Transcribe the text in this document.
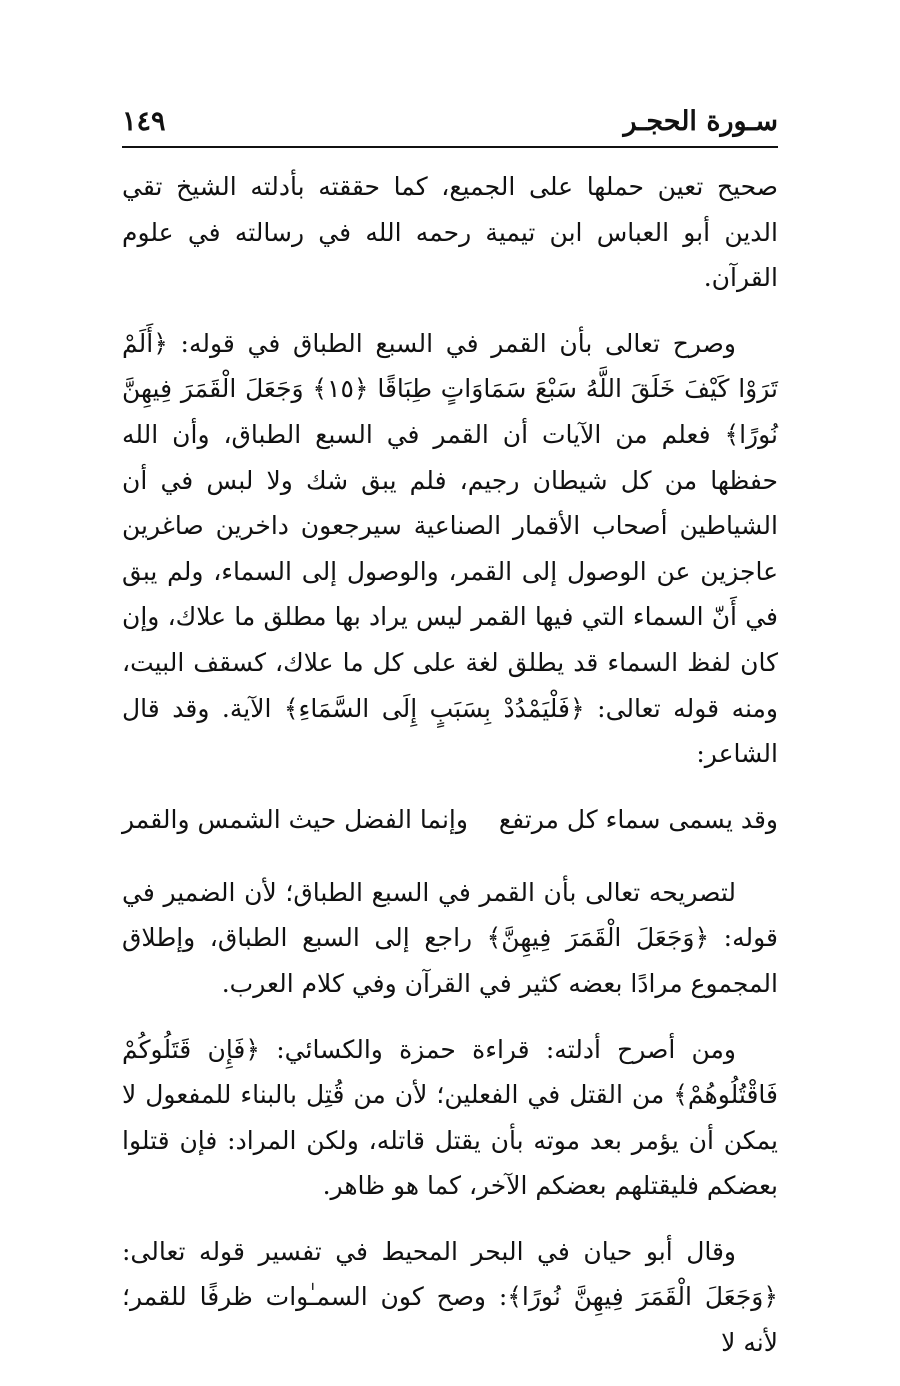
١٤٩	سـورة الحجـر

صحيح تعين حملها على الجميع، كما حققته بأدلته الشيخ تقي الدين أبو العباس ابن تيمية رحمه الله في رسالته في علوم القرآن.

وصرح تعالى بأن القمر في السبع الطباق في قوله: ﴿أَلَمْ تَرَوْا كَيْفَ خَلَقَ اللَّهُ سَبْعَ سَمَاوَاتٍ طِبَاقًا ﴿١٥﴾ وَجَعَلَ الْقَمَرَ فِيهِنَّ نُورًا﴾ فعلم من الآيات أن القمر في السبع الطباق، وأن الله حفظها من كل شيطان رجيم، فلم يبق شك ولا لبس في أن الشياطين أصحاب الأقمار الصناعية سيرجعون داخرين صاغرين عاجزين عن الوصول إلى القمر، والوصول إلى السماء، ولم يبق في أَنّ السماء التي فيها القمر ليس يراد بها مطلق ما علاك، وإن كان لفظ السماء قد يطلق لغة على كل ما علاك، كسقف البيت، ومنه قوله تعالى: ﴿فَلْيَمْدُدْ بِسَبَبٍ إِلَى السَّمَاءِ﴾ الآية. وقد قال الشاعر:

وقد يسمى سماء كل مرتفع
وإنما الفضل حيث الشمس والقمر

لتصريحه تعالى بأن القمر في السبع الطباق؛ لأن الضمير في قوله: ﴿وَجَعَلَ الْقَمَرَ فِيهِنَّ﴾ راجع إلى السبع الطباق، وإطلاق المجموع مرادًا بعضه كثير في القرآن وفي كلام العرب.

ومن أصرح أدلته: قراءة حمزة والكسائي: ﴿فَإِن قَتَلُوكُمْ فَاقْتُلُوهُمْ﴾ من القتل في الفعلين؛ لأن من قُتِل بالبناء للمفعول لا يمكن أن يؤمر بعد موته بأن يقتل قاتله، ولكن المراد: فإن قتلوا بعضكم فليقتلهم بعضكم الآخر، كما هو ظاهر.

وقال أبو حيان في البحر المحيط في تفسير قوله تعالى: ﴿وَجَعَلَ الْقَمَرَ فِيهِنَّ نُورًا﴾: وصح كون السمـٰوات ظرفًا للقمر؛ لأنه لا
